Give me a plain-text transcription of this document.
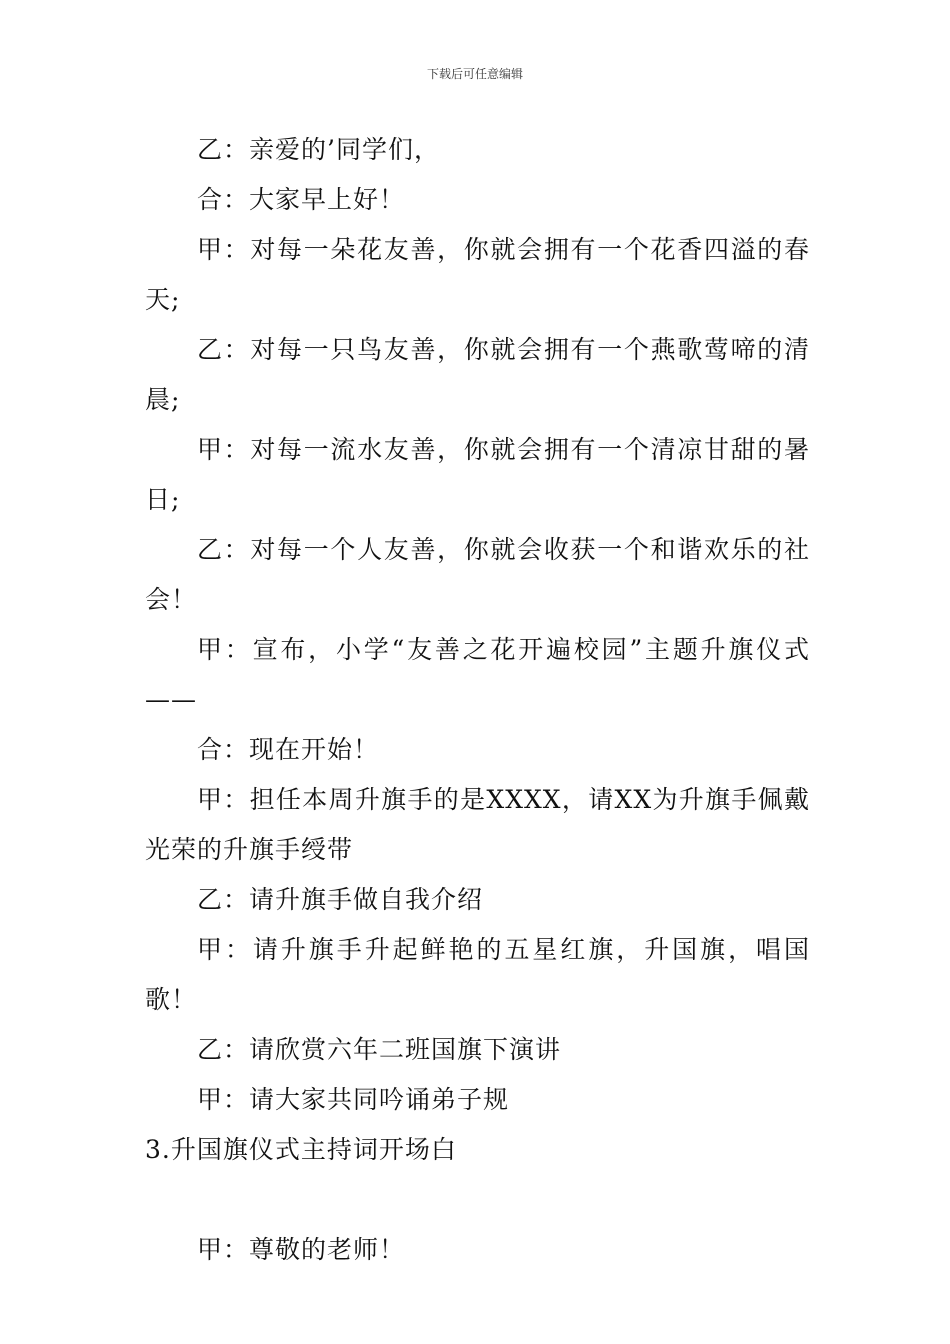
下载后可任意编辑

乙：亲爱的’同学们，

合：大家早上好！

甲：对每一朵花友善，你就会拥有一个花香四溢的春天;

乙：对每一只鸟友善，你就会拥有一个燕歌莺啼的清晨;

甲：对每一流水友善，你就会拥有一个清凉甘甜的暑日;

乙：对每一个人友善，你就会收获一个和谐欢乐的社会！

甲：宣布，小学“友善之花开遍校园”主题升旗仪式——

合：现在开始！

甲：担任本周升旗手的是XXXX，请XX为升旗手佩戴光荣的升旗手绶带

乙：请升旗手做自我介绍

甲：请升旗手升起鲜艳的五星红旗，升国旗，唱国歌！

乙：请欣赏六年二班国旗下演讲

甲：请大家共同吟诵弟子规

3.升国旗仪式主持词开场白

甲：尊敬的老师！
